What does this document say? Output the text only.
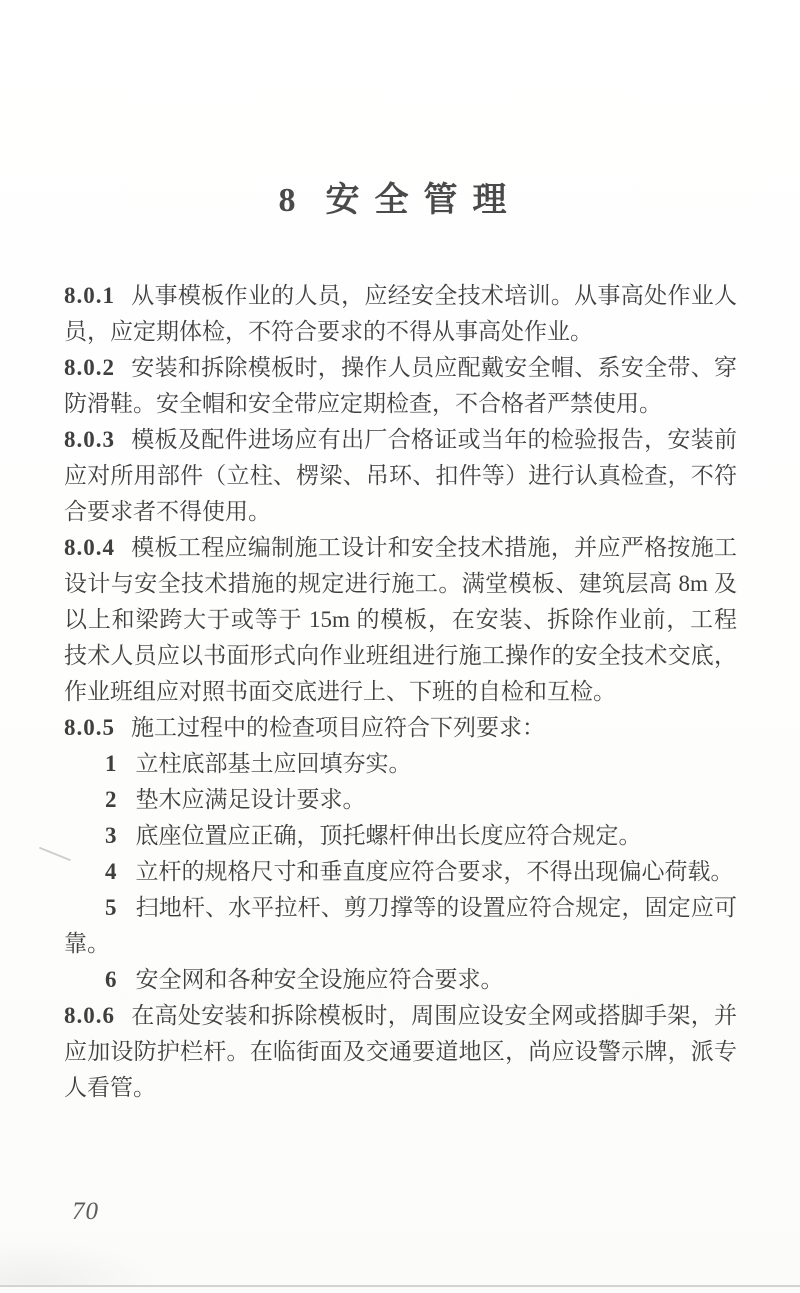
8 安全管理

8.0.1 从事模板作业的人员，应经安全技术培训。从事高处作业人员，应定期体检，不符合要求的不得从事高处作业。

8.0.2 安装和拆除模板时，操作人员应配戴安全帽、系安全带、穿防滑鞋。安全帽和安全带应定期检查，不合格者严禁使用。

8.0.3 模板及配件进场应有出厂合格证或当年的检验报告，安装前应对所用部件（立柱、楞梁、吊环、扣件等）进行认真检查，不符合要求者不得使用。

8.0.4 模板工程应编制施工设计和安全技术措施，并应严格按施工设计与安全技术措施的规定进行施工。满堂模板、建筑层高 8m 及以上和梁跨大于或等于 15m 的模板，在安装、拆除作业前，工程技术人员应以书面形式向作业班组进行施工操作的安全技术交底，作业班组应对照书面交底进行上、下班的自检和互检。

8.0.5 施工过程中的检查项目应符合下列要求：

1 立柱底部基土应回填夯实。

2 垫木应满足设计要求。

3 底座位置应正确，顶托螺杆伸出长度应符合规定。

4 立杆的规格尺寸和垂直度应符合要求，不得出现偏心荷载。

5 扫地杆、水平拉杆、剪刀撑等的设置应符合规定，固定应可靠。

6 安全网和各种安全设施应符合要求。

8.0.6 在高处安装和拆除模板时，周围应设安全网或搭脚手架，并应加设防护栏杆。在临街面及交通要道地区，尚应设警示牌，派专人看管。

70
